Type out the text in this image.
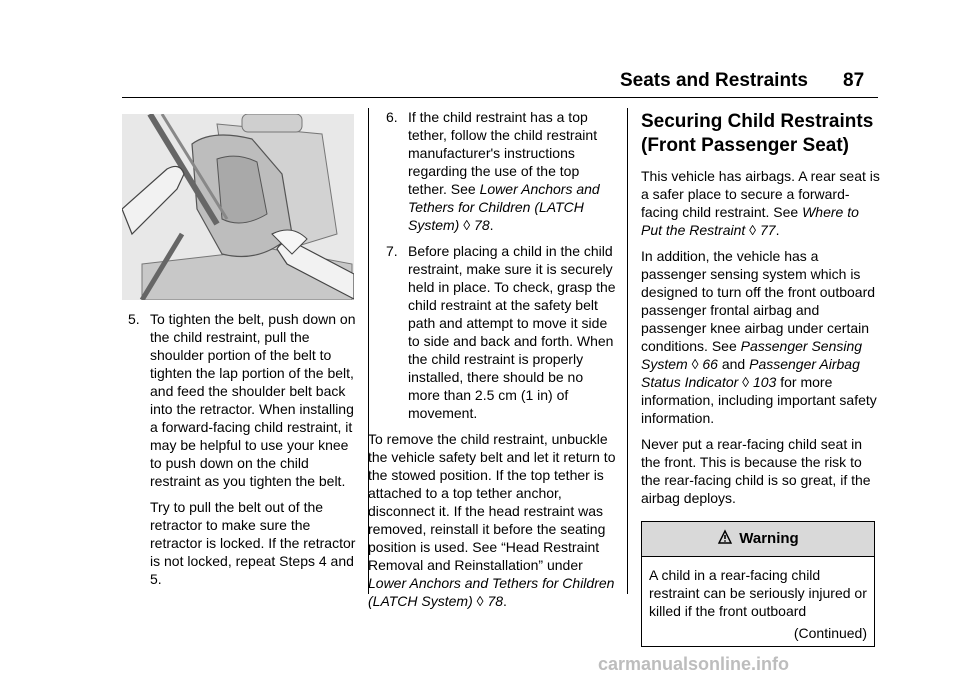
Seats and Restraints 87
5. To tighten the belt, push down on the child restraint, pull the shoulder portion of the belt to tighten the lap portion of the belt, and feed the shoulder belt back into the retractor. When installing a forward-facing child restraint, it may be helpful to use your knee to push down on the child restraint as you tighten the belt.

Try to pull the belt out of the retractor to make sure the retractor is locked. If the retractor is not locked, repeat Steps 4 and 5.

6. If the child restraint has a top tether, follow the child restraint manufacturer's instructions regarding the use of the top tether. See Lower Anchors and Tethers for Children (LATCH System) ◊ 78.
7. Before placing a child in the child restraint, make sure it is securely held in place. To check, grasp the child restraint at the safety belt path and attempt to move it side to side and back and forth. When the child restraint is properly installed, there should be no more than 2.5 cm (1 in) of movement.

To remove the child restraint, unbuckle the vehicle safety belt and let it return to the stowed position. If the top tether is attached to a top tether anchor, disconnect it. If the head restraint was removed, reinstall it before the seating position is used. See “Head Restraint Removal and Reinstallation” under Lower Anchors and Tethers for Children (LATCH System) ◊ 78.

Securing Child Restraints (Front Passenger Seat)

This vehicle has airbags. A rear seat is a safer place to secure a forward-facing child restraint. See Where to Put the Restraint ◊ 77.

In addition, the vehicle has a passenger sensing system which is designed to turn off the front outboard passenger frontal airbag and passenger knee airbag under certain conditions. See Passenger Sensing System ◊ 66 and Passenger Airbag Status Indicator ◊ 103 for more information, including important safety information.

Never put a rear-facing child seat in the front. This is because the risk to the rear-facing child is so great, if the airbag deploys.

Warning
A child in a rear-facing child restraint can be seriously injured or killed if the front outboard
(Continued)
carmanualsonline.info
